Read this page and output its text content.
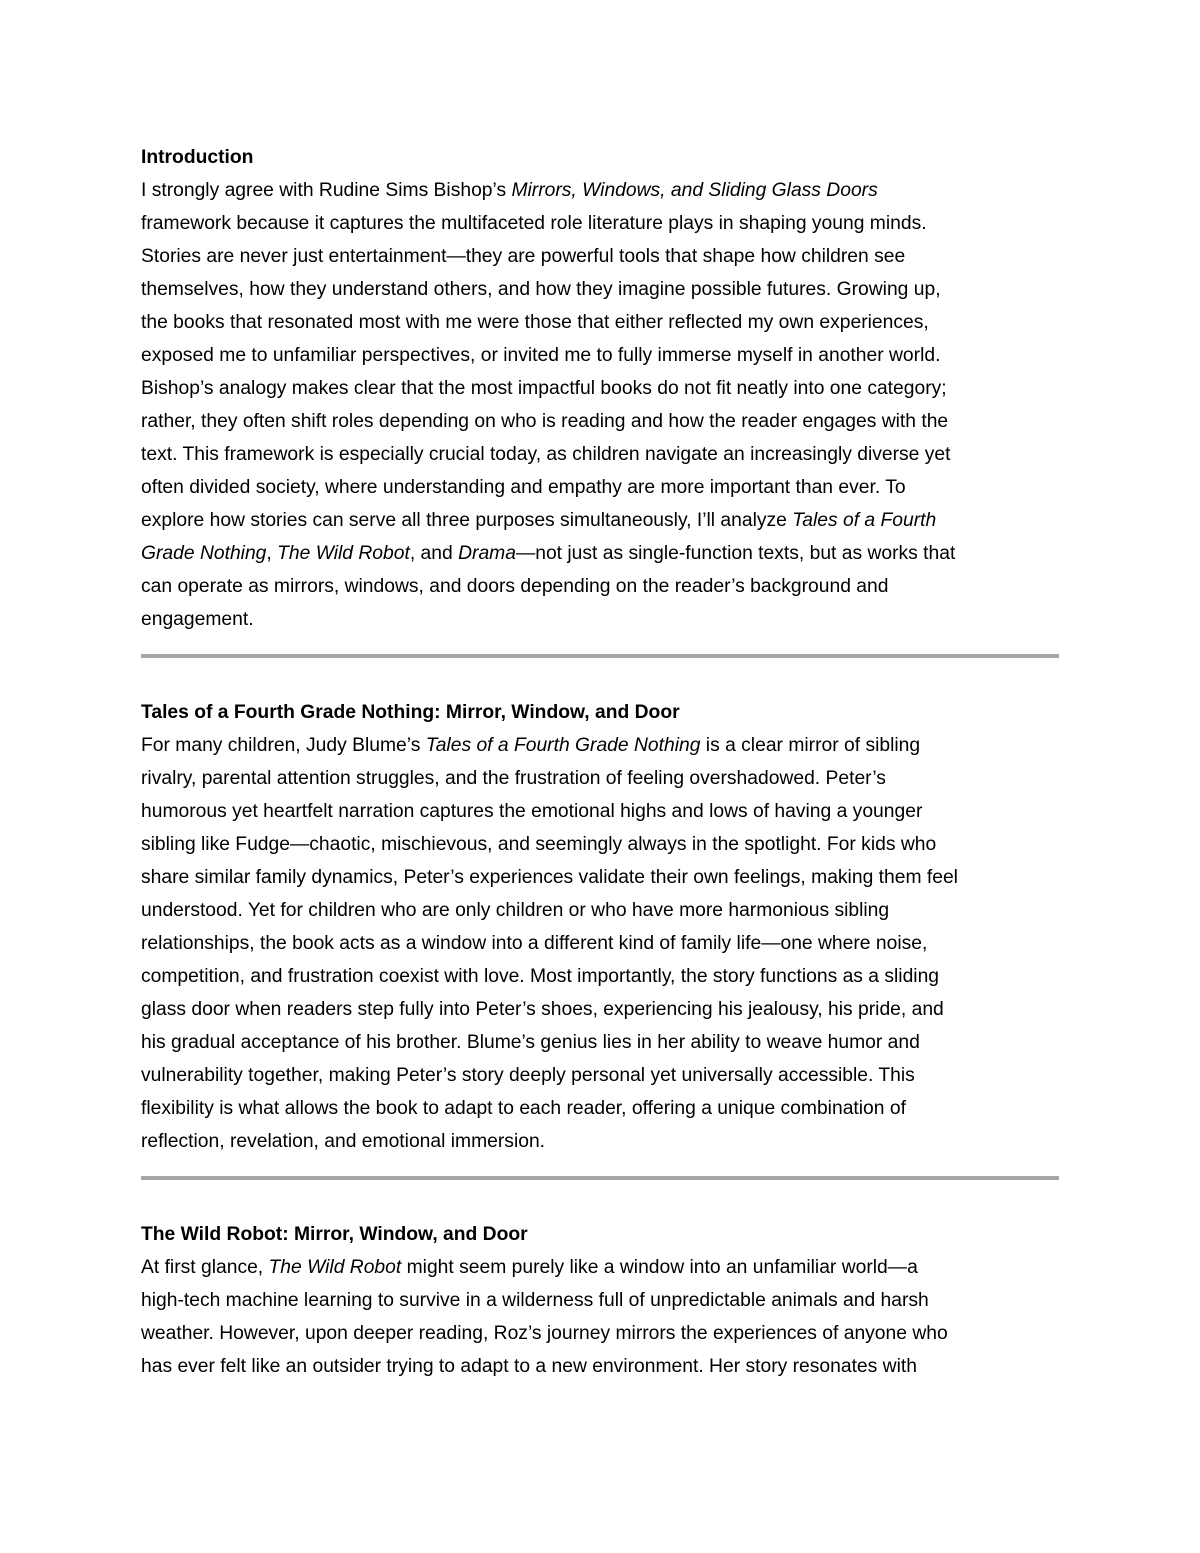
Introduction
I strongly agree with Rudine Sims Bishop’s Mirrors, Windows, and Sliding Glass Doors
framework because it captures the multifaceted role literature plays in shaping young minds.
Stories are never just entertainment—they are powerful tools that shape how children see
themselves, how they understand others, and how they imagine possible futures. Growing up,
the books that resonated most with me were those that either reflected my own experiences,
exposed me to unfamiliar perspectives, or invited me to fully immerse myself in another world.
Bishop’s analogy makes clear that the most impactful books do not fit neatly into one category;
rather, they often shift roles depending on who is reading and how the reader engages with the
text. This framework is especially crucial today, as children navigate an increasingly diverse yet
often divided society, where understanding and empathy are more important than ever. To
explore how stories can serve all three purposes simultaneously, I’ll analyze Tales of a Fourth
Grade Nothing, The Wild Robot, and Drama—not just as single-function texts, but as works that
can operate as mirrors, windows, and doors depending on the reader’s background and
engagement.
Tales of a Fourth Grade Nothing: Mirror, Window, and Door
For many children, Judy Blume’s Tales of a Fourth Grade Nothing is a clear mirror of sibling
rivalry, parental attention struggles, and the frustration of feeling overshadowed. Peter’s
humorous yet heartfelt narration captures the emotional highs and lows of having a younger
sibling like Fudge—chaotic, mischievous, and seemingly always in the spotlight. For kids who
share similar family dynamics, Peter’s experiences validate their own feelings, making them feel
understood. Yet for children who are only children or who have more harmonious sibling
relationships, the book acts as a window into a different kind of family life—one where noise,
competition, and frustration coexist with love. Most importantly, the story functions as a sliding
glass door when readers step fully into Peter’s shoes, experiencing his jealousy, his pride, and
his gradual acceptance of his brother. Blume’s genius lies in her ability to weave humor and
vulnerability together, making Peter’s story deeply personal yet universally accessible. This
flexibility is what allows the book to adapt to each reader, offering a unique combination of
reflection, revelation, and emotional immersion.
The Wild Robot: Mirror, Window, and Door
At first glance, The Wild Robot might seem purely like a window into an unfamiliar world—a
high-tech machine learning to survive in a wilderness full of unpredictable animals and harsh
weather. However, upon deeper reading, Roz’s journey mirrors the experiences of anyone who
has ever felt like an outsider trying to adapt to a new environment. Her story resonates with
